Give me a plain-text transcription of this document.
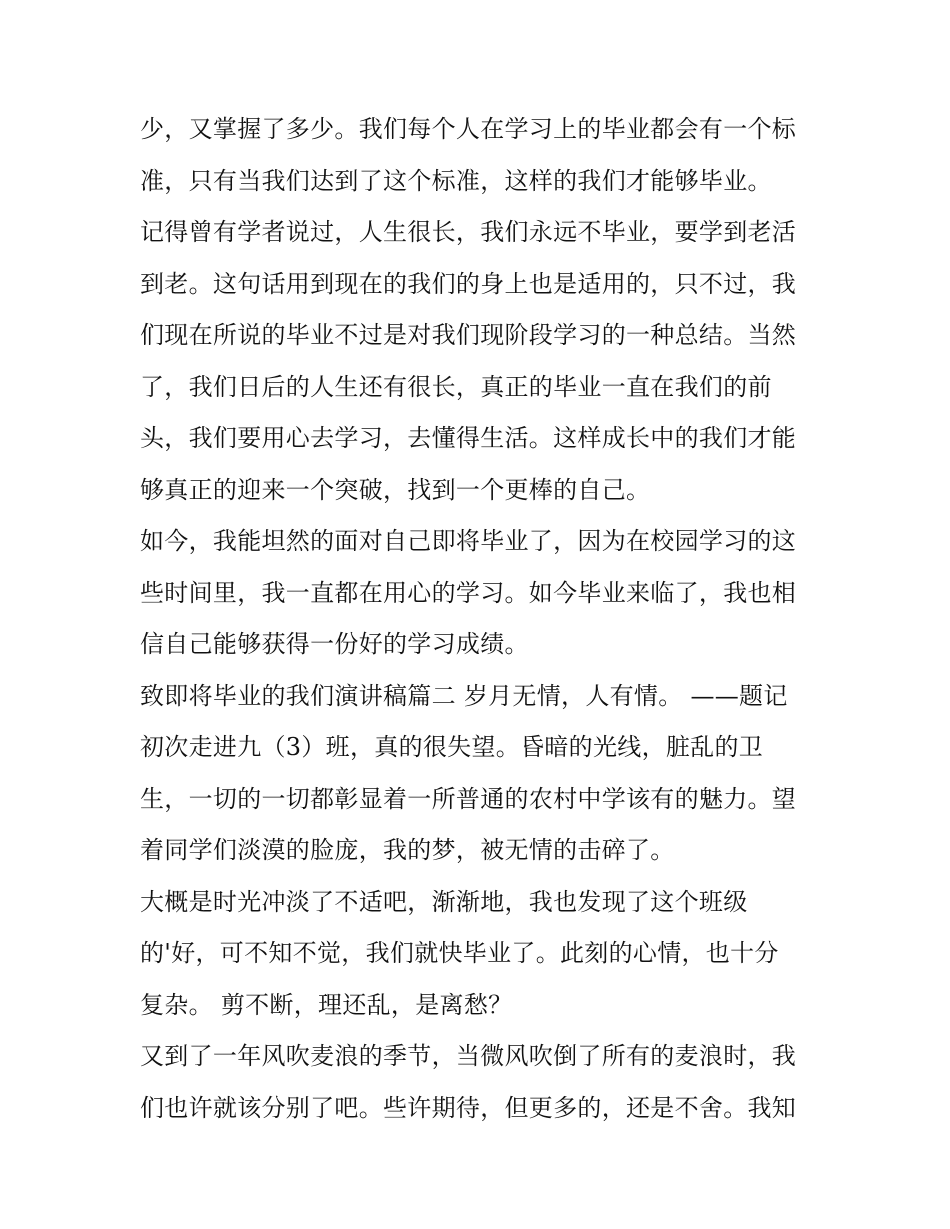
少，又掌握了多少。我们每个人在学习上的毕业都会有一个标
准，只有当我们达到了这个标准，这样的我们才能够毕业。
记得曾有学者说过，人生很长，我们永远不毕业，要学到老活
到老。这句话用到现在的我们的身上也是适用的，只不过，我
们现在所说的毕业不过是对我们现阶段学习的一种总结。当然
了，我们日后的人生还有很长，真正的毕业一直在我们的前
头，我们要用心去学习，去懂得生活。这样成长中的我们才能
够真正的迎来一个突破，找到一个更棒的自己。
如今，我能坦然的面对自己即将毕业了，因为在校园学习的这
些时间里，我一直都在用心的学习。如今毕业来临了，我也相
信自己能够获得一份好的学习成绩。
致即将毕业的我们演讲稿篇二 岁月无情，人有情。 ——题记
初次走进九（3）班，真的很失望。昏暗的光线，脏乱的卫
生，一切的一切都彰显着一所普通的农村中学该有的魅力。望
着同学们淡漠的脸庞，我的梦，被无情的击碎了。
大概是时光冲淡了不适吧，渐渐地，我也发现了这个班级
的'好，可不知不觉，我们就快毕业了。此刻的心情，也十分
复杂。 剪不断，理还乱，是离愁？
又到了一年风吹麦浪的季节，当微风吹倒了所有的麦浪时，我
们也许就该分别了吧。些许期待，但更多的，还是不舍。我知
